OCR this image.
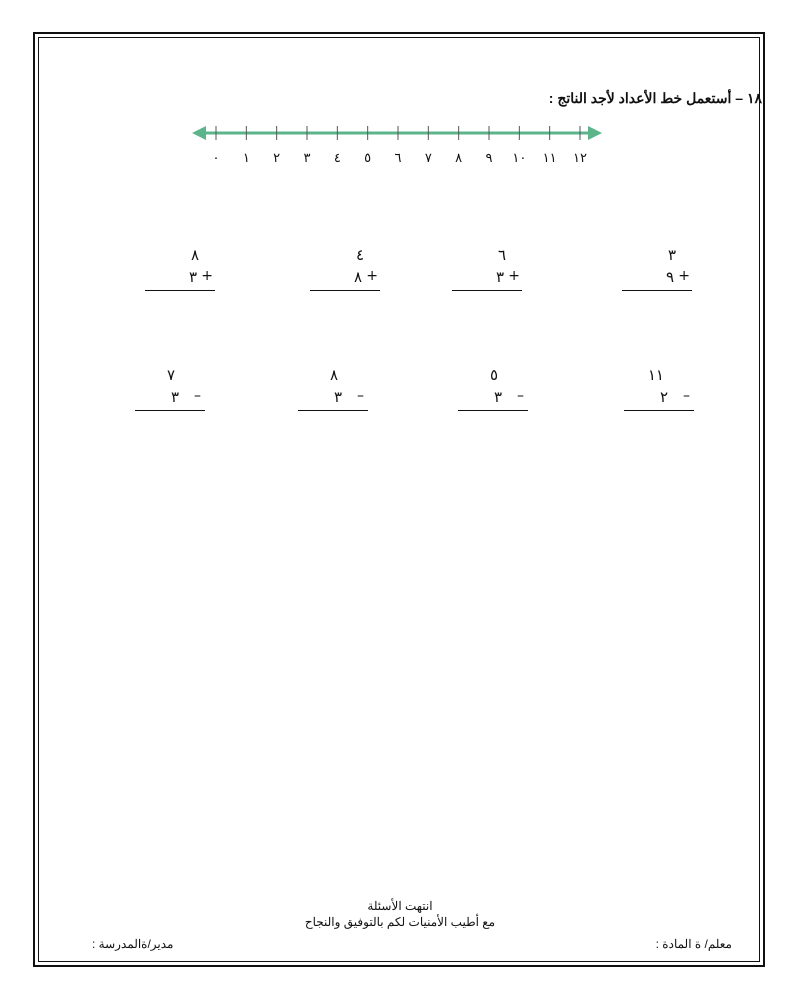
١٨ – أستعمل خط الأعداد لأجد الناتج :
٠ ١ ٢ ٣ ٤ ٥ ٦ ٧ ٨ ٩ ١٠ ١١ ١٢
٨
+
٣
٤
+
٨
٦
+
٣
٣
+
٩
٧
–
٣
٨
–
٣
٥
–
٣
١١
–
٢
انتهت الأسئلة
مع أطيب الأمنيات لكم بالتوفيق والنجاح
معلم/ ة المادة :
مدير/ةالمدرسة :
